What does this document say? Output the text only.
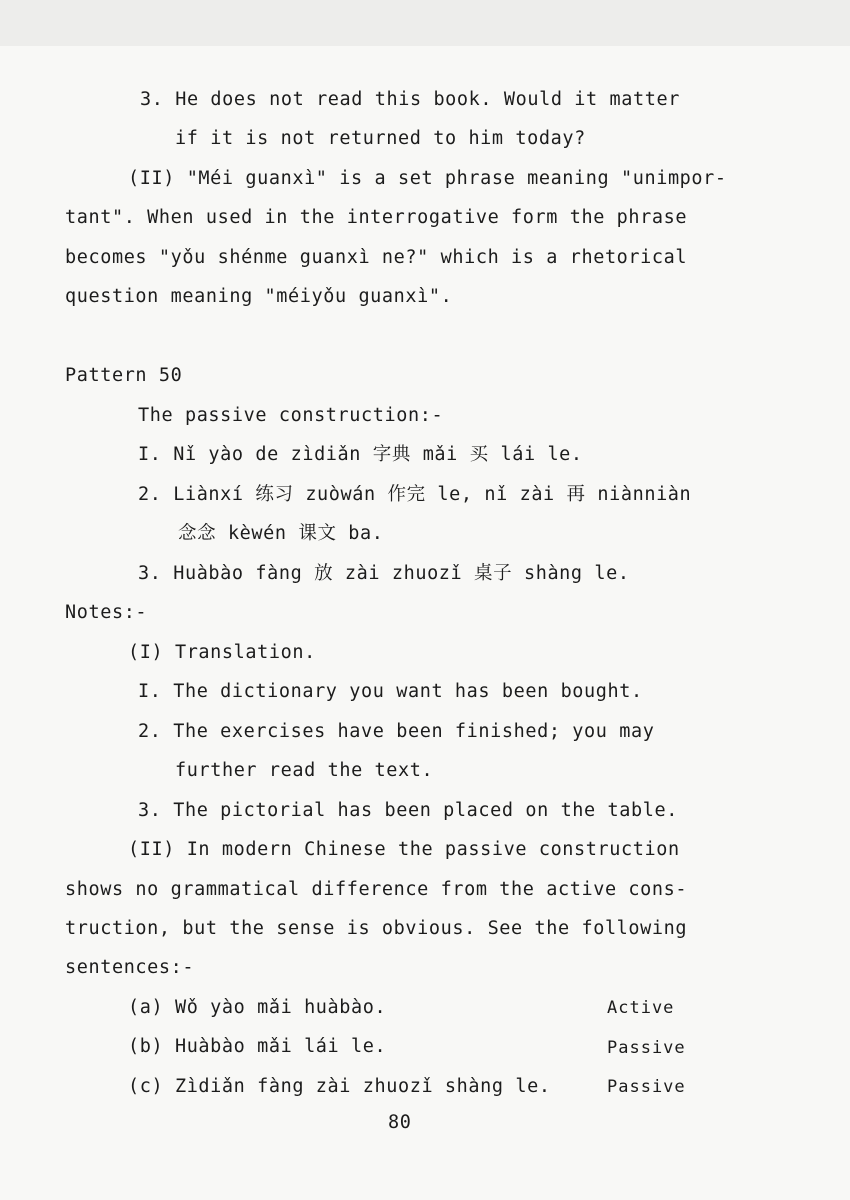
3. He does not read this book. Would it matter
if it is not returned to him today?
(II) "Méi guanxì" is a set phrase meaning "unimpor-
tant". When used in the interrogative form the phrase
becomes "yǒu shénme guanxì ne?" which is a rhetorical
question meaning "méiyǒu guanxì".
Pattern 50
The passive construction:-
I. Nǐ yào de zìdiǎn 字典 mǎi 买 lái le.
2. Liànxí 练习 zuòwán 作完 le, nǐ zài 再 niànniàn
念念 kèwén 课文 ba.
3. Huàbào fàng 放 zài zhuozǐ 桌子 shàng le.
Notes:-
(I) Translation.
I. The dictionary you want has been bought.
2. The exercises have been finished; you may
further read the text.
3. The pictorial has been placed on the table.
(II) In modern Chinese the passive construction
shows no grammatical difference from the active cons-
truction, but the sense is obvious. See the following
sentences:-
(a) Wǒ yào mǎi huàbào.
(b) Huàbào mǎi lái le.
(c) Zìdiǎn fàng zài zhuozǐ shàng le.
Active
Passive
Passive
80
